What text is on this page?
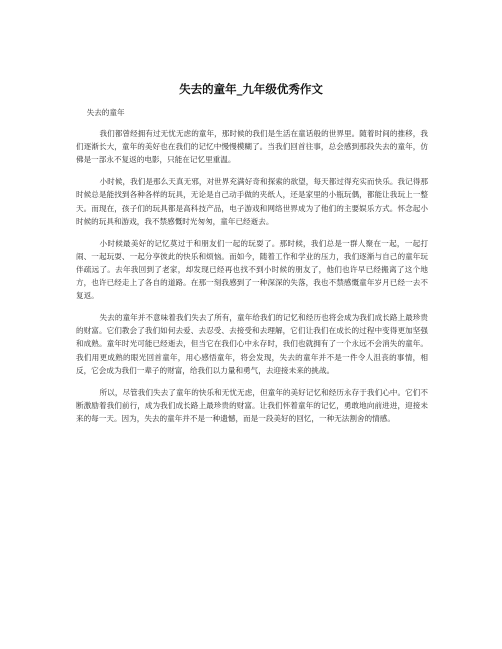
失去的童年_九年级优秀作文

失去的童年

我们都曾经拥有过无忧无虑的童年，那时候的我们是生活在童话般的世界里。随着时间的推移，我们逐渐长大，童年的美好也在我们的记忆中慢慢模糊了。当我们回首往事，总会感到那段失去的童年，仿佛是一部永不复返的电影，只能在记忆里重温。

小时候，我们是那么天真无邪，对世界充满好奇和探索的欲望，每天都过得充实而快乐。我记得那时候总是能找到各种各样的玩具，无论是自己动手做的夹纸人，还是家里的小瓶玩偶，都能让我玩上一整天。而现在，孩子们的玩具都是高科技产品，电子游戏和网络世界成为了他们的主要娱乐方式。怀念起小时候的玩具和游戏，我不禁感慨时光匆匆，童年已经逝去。

小时候最美好的记忆莫过于和朋友们一起的玩耍了。那时候，我们总是一群人聚在一起，一起打闹、一起玩耍、一起分享彼此的快乐和烦恼。而如今，随着工作和学业的压力，我们逐渐与自己的童年玩伴疏远了。去年我回到了老家，却发现已经再也找不到小时候的朋友了，他们也许早已经搬离了这个地方，也许已经走上了各自的道路。在那一刻我感到了一种深深的失落，我也不禁感慨童年岁月已经一去不复返。

失去的童年并不意味着我们失去了所有，童年给我们的记忆和经历也将会成为我们成长路上最珍贵的财富。它们教会了我们如何去爱、去忍受、去接受和去理解，它们让我们在成长的过程中变得更加坚强和成熟。童年时光可能已经逝去，但当它在我们心中永存时，我们也就拥有了一个永远不会消失的童年。我们用更成熟的眼光回首童年，用心感悟童年，将会发现，失去的童年并不是一件令人沮丧的事情，相反，它会成为我们一辈子的财富，给我们以力量和勇气，去迎接未来的挑战。

所以，尽管我们失去了童年的快乐和无忧无虑，但童年的美好记忆和经历永存于我们心中。它们不断激励着我们前行，成为我们成长路上最珍贵的财富。让我们怀着童年的记忆，勇敢地向前进进，迎接未来的每一天。因为，失去的童年并不是一种遗憾，而是一段美好的回忆，一种无法割舍的情感。
